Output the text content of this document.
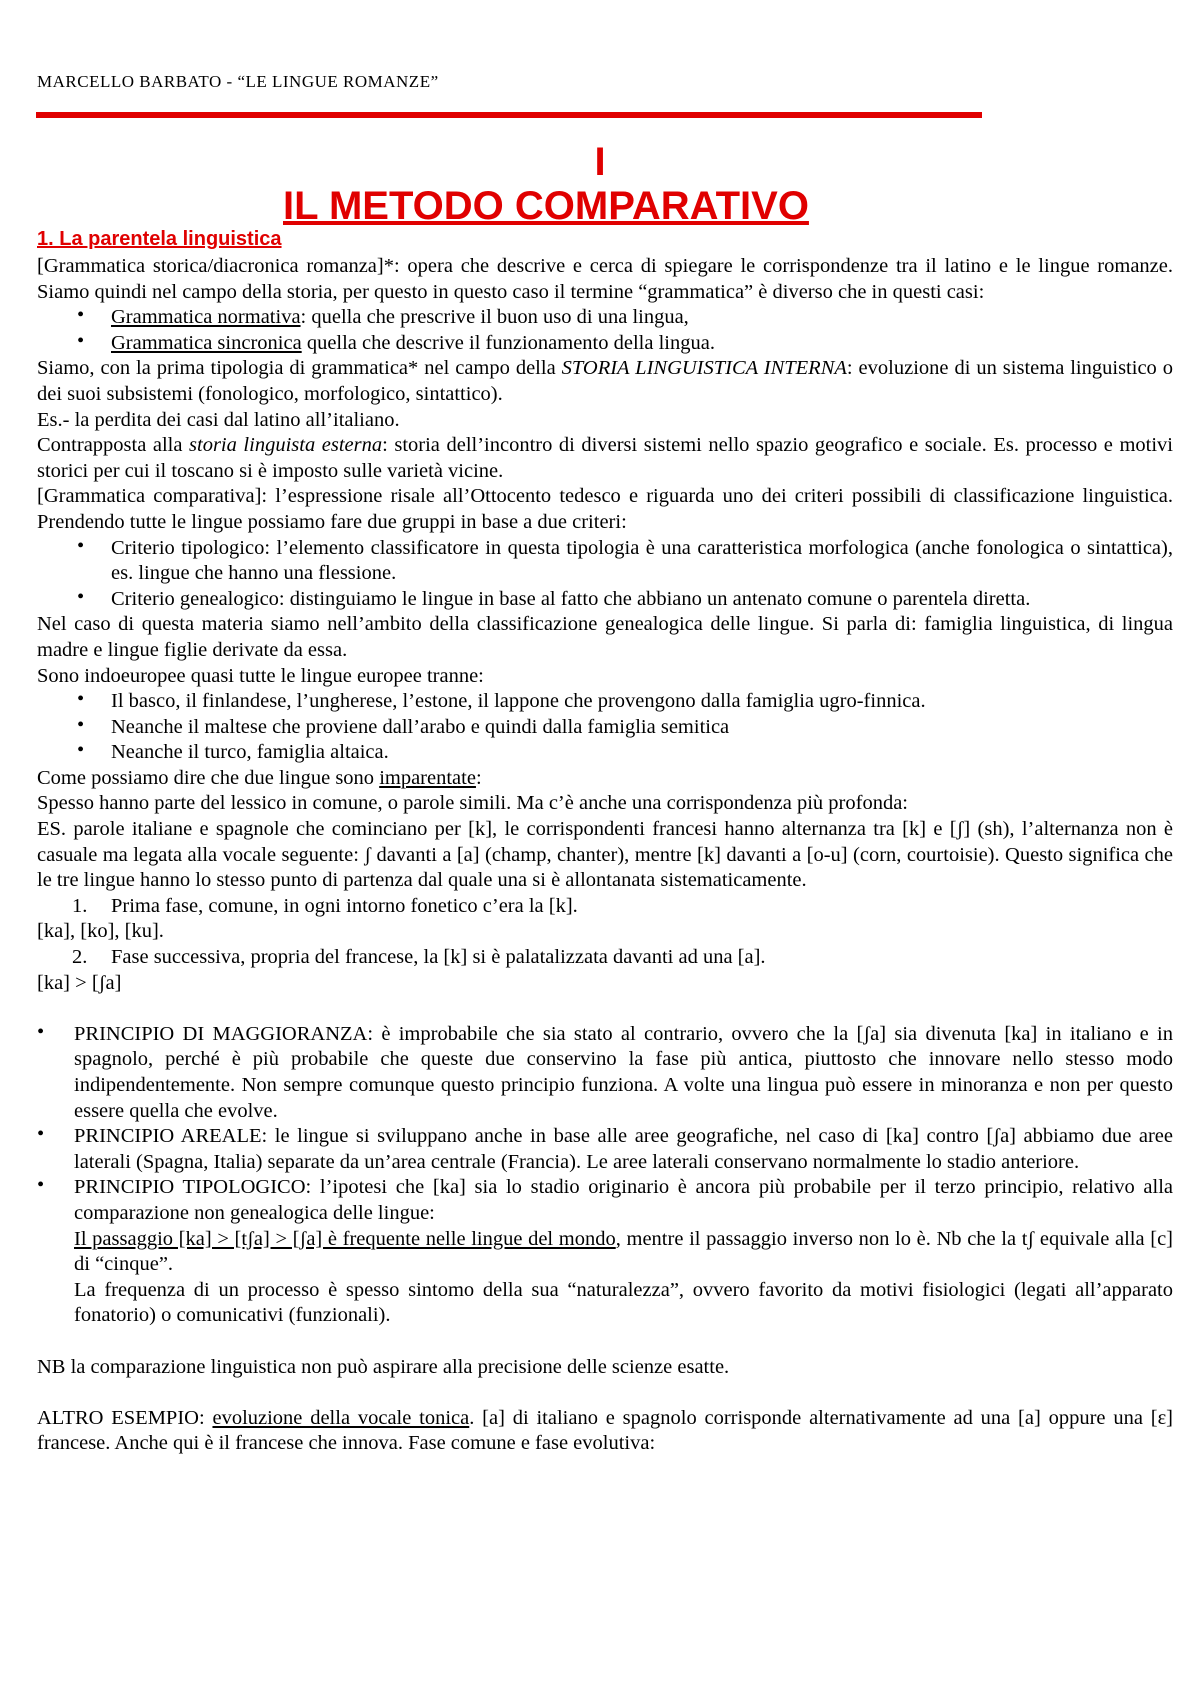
MARCELLO BARBATO - “LE LINGUE ROMANZE”
I
IL METODO COMPARATIVO
1. La parentela linguistica

[Grammatica storica/diacronica romanza]*: opera che descrive e cerca di spiegare le corrispondenze tra il latino e le lingue romanze. Siamo quindi nel campo della storia, per questo in questo caso il termine “grammatica” è diverso che in questi casi:

• Grammatica normativa: quella che prescrive il buon uso di una lingua,
• Grammatica sincronica quella che descrive il funzionamento della lingua.

Siamo, con la prima tipologia di grammatica* nel campo della STORIA LINGUISTICA INTERNA: evoluzione di un sistema linguistico o dei suoi subsistemi (fonologico, morfologico, sintattico).

Es.- la perdita dei casi dal latino all’italiano.

Contrapposta alla storia linguista esterna: storia dell’incontro di diversi sistemi nello spazio geografico e sociale. Es. processo e motivi storici per cui il toscano si è imposto sulle varietà vicine.

[Grammatica comparativa]: l’espressione risale all’Ottocento tedesco e riguarda uno dei criteri possibili di classificazione linguistica. Prendendo tutte le lingue possiamo fare due gruppi in base a due criteri:

• Criterio tipologico: l’elemento classificatore in questa tipologia è una caratteristica morfologica (anche fonologica o sintattica), es. lingue che hanno una flessione.
• Criterio genealogico: distinguiamo le lingue in base al fatto che abbiano un antenato comune o parentela diretta.

Nel caso di questa materia siamo nell’ambito della classificazione genealogica delle lingue. Si parla di: famiglia linguistica, di lingua madre e lingue figlie derivate da essa.

Sono indoeuropee quasi tutte le lingue europee tranne:

• Il basco, il finlandese, l’ungherese, l’estone, il lappone che provengono dalla famiglia ugro-finnica.
• Neanche il maltese che proviene dall’arabo e quindi dalla famiglia semitica
• Neanche il turco, famiglia altaica.

Come possiamo dire che due lingue sono imparentate:

Spesso hanno parte del lessico in comune, o parole simili. Ma c’è anche una corrispondenza più profonda:

ES. parole italiane e spagnole che cominciano per [k], le corrispondenti francesi hanno alternanza tra [k] e [ʃ] (sh), l’alternanza non è casuale ma legata alla vocale seguente: ʃ davanti a [a] (champ, chanter), mentre [k] davanti a [o-u] (corn, courtoisie). Questo significa che le tre lingue hanno lo stesso punto di partenza dal quale una si è allontanata sistematicamente.

1. Prima fase, comune, in ogni intorno fonetico c’era la [k].

[ka], [ko], [ku].

2. Fase successiva, propria del francese, la [k] si è palatalizzata davanti ad una [a].

[ka] > [ʃa]

• PRINCIPIO DI MAGGIORANZA: è improbabile che sia stato al contrario, ovvero che la [ʃa] sia divenuta [ka] in italiano e in spagnolo, perché è più probabile che queste due conservino la fase più antica, piuttosto che innovare nello stesso modo indipendentemente. Non sempre comunque questo principio funziona. A volte una lingua può essere in minoranza e non per questo essere quella che evolve.
• PRINCIPIO AREALE: le lingue si sviluppano anche in base alle aree geografiche, nel caso di [ka] contro [ʃa] abbiamo due aree laterali (Spagna, Italia) separate da un’area centrale (Francia). Le aree laterali conservano normalmente lo stadio anteriore.
• PRINCIPIO TIPOLOGICO: l’ipotesi che [ka] sia lo stadio originario è ancora più probabile per il terzo principio, relativo alla comparazione non genealogica delle lingue:

Il passaggio [ka] > [tʃa] > [ʃa] è frequente nelle lingue del mondo, mentre il passaggio inverso non lo è. Nb che la tʃ equivale alla [c] di “cinque”.

La frequenza di un processo è spesso sintomo della sua “naturalezza”, ovvero favorito da motivi fisiologici (legati all’apparato fonatorio) o comunicativi (funzionali).

NB la comparazione linguistica non può aspirare alla precisione delle scienze esatte.

ALTRO ESEMPIO: evoluzione della vocale tonica. [a] di italiano e spagnolo corrisponde alternativamente ad una [a] oppure una [ɛ] francese. Anche qui è il francese che innova. Fase comune e fase evolutiva:
